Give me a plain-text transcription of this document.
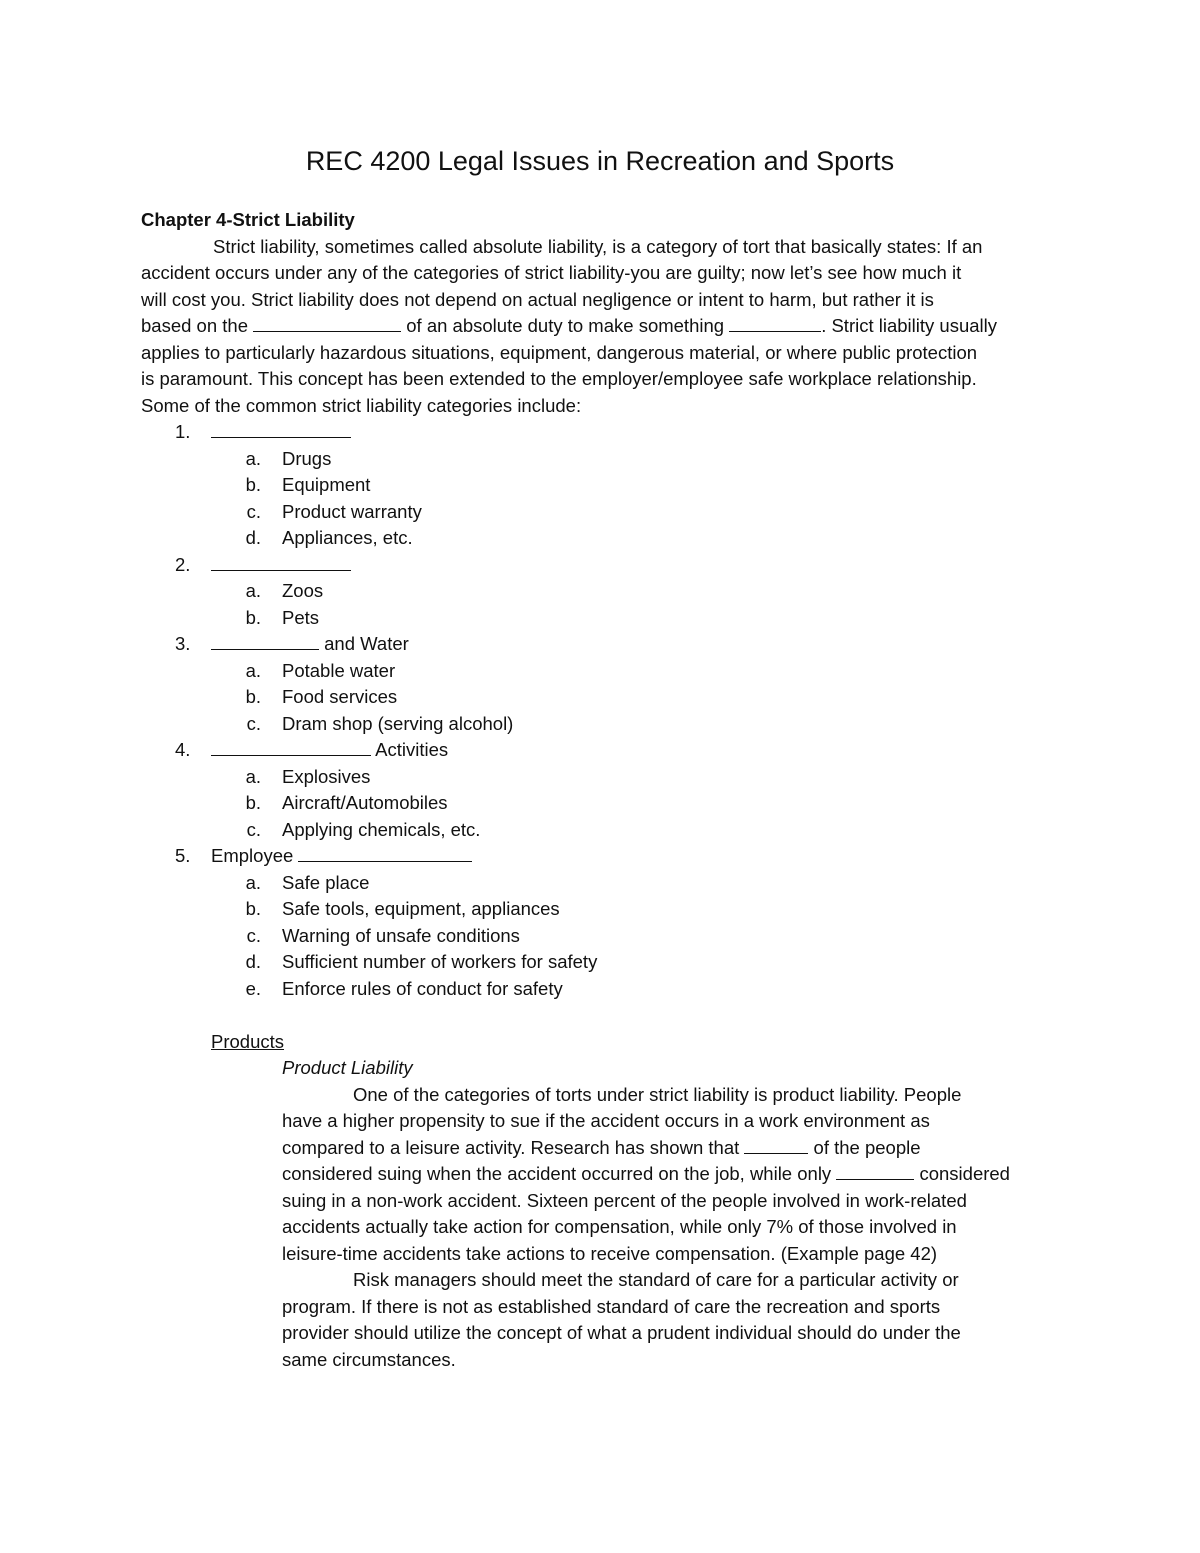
REC 4200 Legal Issues in Recreation and Sports
Chapter 4-Strict Liability
Strict liability, sometimes called absolute liability, is a category of tort that basically states: If an
accident occurs under any of the categories of strict liability-you are guilty; now let’s see how much it
will cost you. Strict liability does not depend on actual negligence or intent to harm, but rather it is
based on the	of an absolute duty to make something	. Strict liability usually
applies to particularly hazardous situations, equipment, dangerous material, or where public protection
is paramount. This concept has been extended to the employer/employee safe workplace relationship.
Some of the common strict liability categories include:
1.
a. Drugs
b. Equipment
c. Product warranty
d. Appliances, etc.
2.
a. Zoos
b. Pets
3.	and Water
a. Potable water
b. Food services
c. Dram shop (serving alcohol)
4.	Activities
a. Explosives
b. Aircraft/Automobiles
c. Applying chemicals, etc.
5. Employee
a. Safe place
b. Safe tools, equipment, appliances
c. Warning of unsafe conditions
d. Sufficient number of workers for safety
e. Enforce rules of conduct for safety
Products
Product Liability
One of the categories of torts under strict liability is product liability. People
have a higher propensity to sue if the accident occurs in a work environment as
compared to a leisure activity. Research has shown that	of the people
considered suing when the accident occurred on the job, while only	considered
suing in a non-work accident. Sixteen percent of the people involved in work-related
accidents actually take action for compensation, while only 7% of those involved in
leisure-time accidents take actions to receive compensation. (Example page 42)
Risk managers should meet the standard of care for a particular activity or
program. If there is not as established standard of care the recreation and sports
provider should utilize the concept of what a prudent individual should do under the
same circumstances.
